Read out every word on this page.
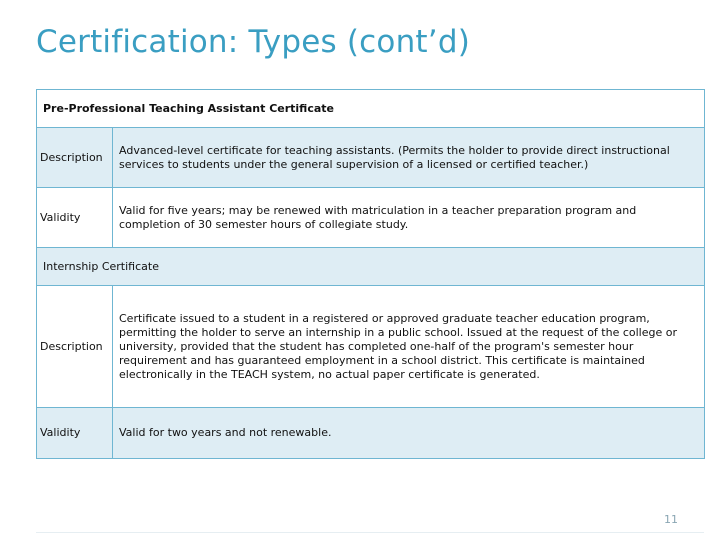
Certification: Types (cont’d)
Pre-Professional Teaching Assistant Certificate	
Description	Advanced-level certificate for teaching assistants. (Permits the holder to provide direct instructional services to students under the general supervision of a licensed or certified teacher.)
Validity	Valid for five years; may be renewed with matriculation in a teacher preparation program and completion of 30 semester hours of collegiate study.
Internship Certificate	
Description	Certificate issued to a student in a registered or approved graduate teacher education program, permitting the holder to serve an internship in a public school. Issued at the request of the college or university, provided that the student has completed one-half of the program's semester hour requirement and has guaranteed employment in a school district. This certificate is maintained electronically in the TEACH system, no actual paper certificate is generated.
Validity	Valid for two years and not renewable.
11
